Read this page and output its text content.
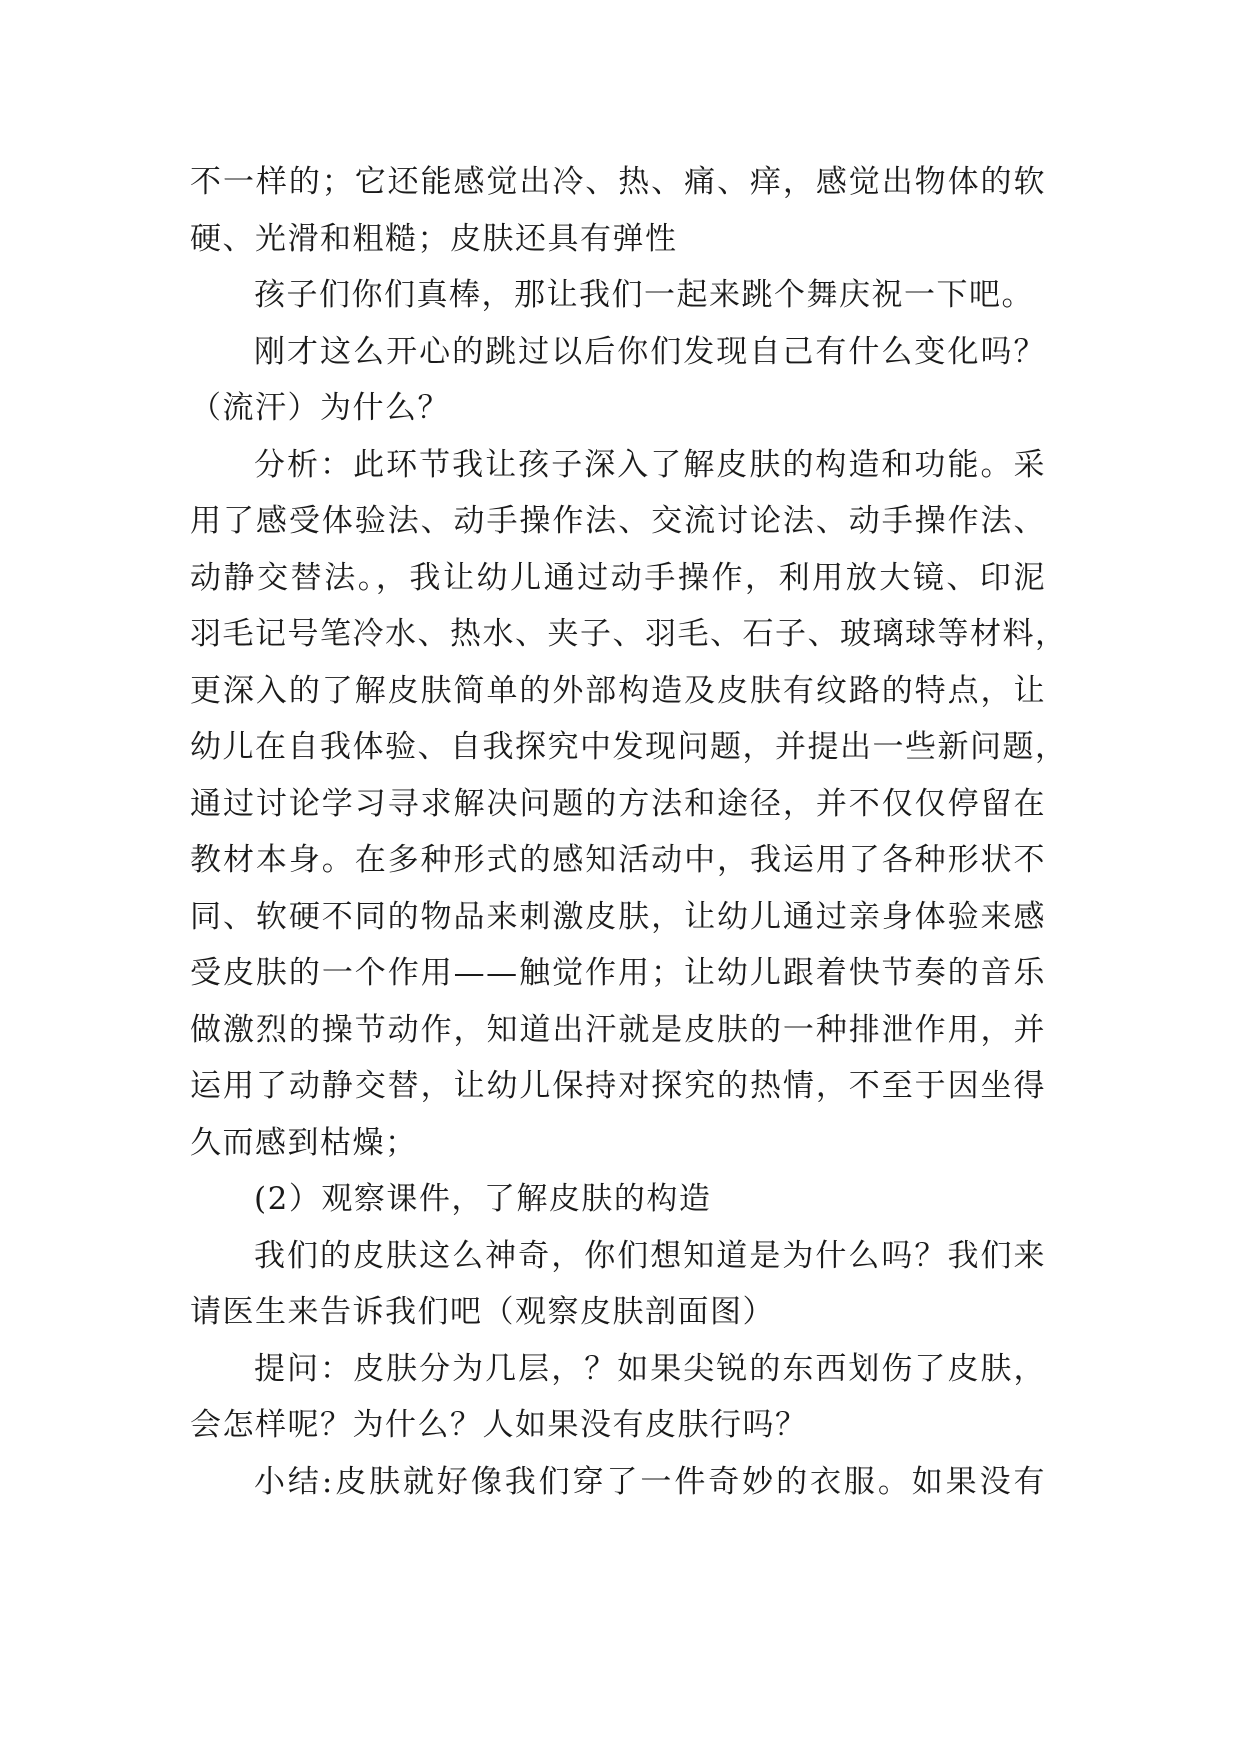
不一样的；它还能感觉出冷、热、痛、痒，感觉出物体的软
硬、光滑和粗糙；皮肤还具有弹性
孩子们你们真棒，那让我们一起来跳个舞庆祝一下吧。
刚才这么开心的跳过以后你们发现自己有什么变化吗？
（流汗）为什么？
分析：此环节我让孩子深入了解皮肤的构造和功能。采
用了感受体验法、动手操作法、交流讨论法、动手操作法、
动静交替法。，我让幼儿通过动手操作，利用放大镜、印泥
羽毛记号笔冷水、热水、夹子、羽毛、石子、玻璃球等材料，
更深入的了解皮肤简单的外部构造及皮肤有纹路的特点，让
幼儿在自我体验、自我探究中发现问题，并提出一些新问题，
通过讨论学习寻求解决问题的方法和途径，并不仅仅停留在
教材本身。在多种形式的感知活动中，我运用了各种形状不
同、软硬不同的物品来刺激皮肤，让幼儿通过亲身体验来感
受皮肤的一个作用——触觉作用；让幼儿跟着快节奏的音乐
做激烈的操节动作，知道出汗就是皮肤的一种排泄作用，并
运用了动静交替，让幼儿保持对探究的热情，不至于因坐得
久而感到枯燥；
(2）观察课件，了解皮肤的构造
我们的皮肤这么神奇，你们想知道是为什么吗？我们来
请医生来告诉我们吧（观察皮肤剖面图）
提问：皮肤分为几层，？如果尖锐的东西划伤了皮肤，
会怎样呢？为什么？人如果没有皮肤行吗？
小结:皮肤就好像我们穿了一件奇妙的衣服。如果没有
